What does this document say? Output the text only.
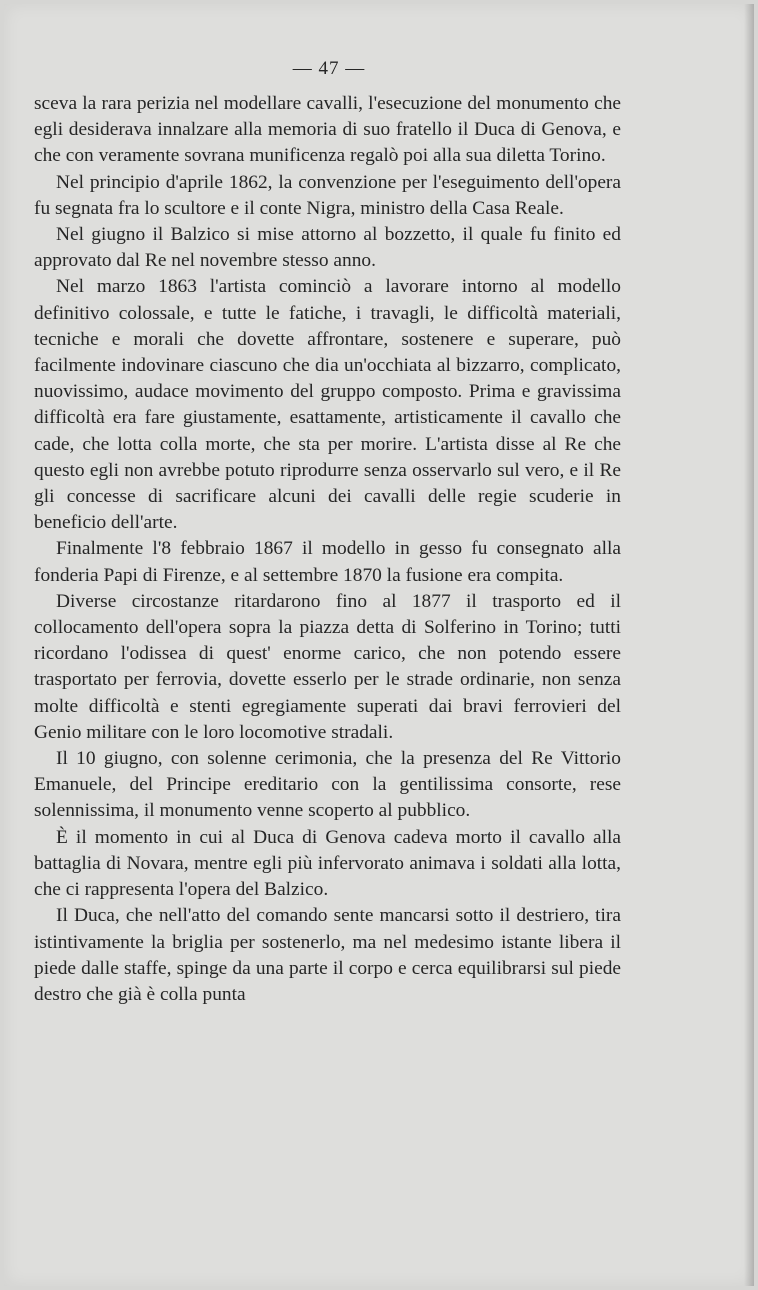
— 47 —

sceva la rara perizia nel modellare cavalli, l'esecuzione del monumento che egli desiderava innalzare alla memoria di suo fratello il Duca di Genova, e che con veramente sovrana munificenza regalò poi alla sua diletta Torino.

Nel principio d'aprile 1862, la convenzione per l'eseguimento dell'opera fu segnata fra lo scultore e il conte Nigra, ministro della Casa Reale.

Nel giugno il Balzico si mise attorno al bozzetto, il quale fu finito ed approvato dal Re nel novembre stesso anno.

Nel marzo 1863 l'artista cominciò a lavorare intorno al modello definitivo colossale, e tutte le fatiche, i travagli, le difficoltà materiali, tecniche e morali che dovette affrontare, sostenere e superare, può facilmente indovinare ciascuno che dia un'occhiata al bizzarro, complicato, nuovissimo, audace movimento del gruppo composto. Prima e gravissima difficoltà era fare giustamente, esattamente, artisticamente il cavallo che cade, che lotta colla morte, che sta per morire. L'artista disse al Re che questo egli non avrebbe potuto riprodurre senza osservarlo sul vero, e il Re gli concesse di sacrificare alcuni dei cavalli delle regie scuderie in beneficio dell'arte.

Finalmente l'8 febbraio 1867 il modello in gesso fu consegnato alla fonderia Papi di Firenze, e al settembre 1870 la fusione era compita.

Diverse circostanze ritardarono fino al 1877 il trasporto ed il collocamento dell'opera sopra la piazza detta di Solferino in Torino; tutti ricordano l'odissea di quest' enorme carico, che non potendo essere trasportato per ferrovia, dovette esserlo per le strade ordinarie, non senza molte difficoltà e stenti egregiamente superati dai bravi ferrovieri del Genio militare con le loro locomotive stradali.

Il 10 giugno, con solenne cerimonia, che la presenza del Re Vittorio Emanuele, del Principe ereditario con la gentilissima consorte, rese solennissima, il monumento venne scoperto al pubblico.

È il momento in cui al Duca di Genova cadeva morto il cavallo alla battaglia di Novara, mentre egli più infervorato animava i soldati alla lotta, che ci rappresenta l'opera del Balzico.

Il Duca, che nell'atto del comando sente mancarsi sotto il destriero, tira istintivamente la briglia per sostenerlo, ma nel medesimo istante libera il piede dalle staffe, spinge da una parte il corpo e cerca equilibrarsi sul piede destro che già è colla punta
